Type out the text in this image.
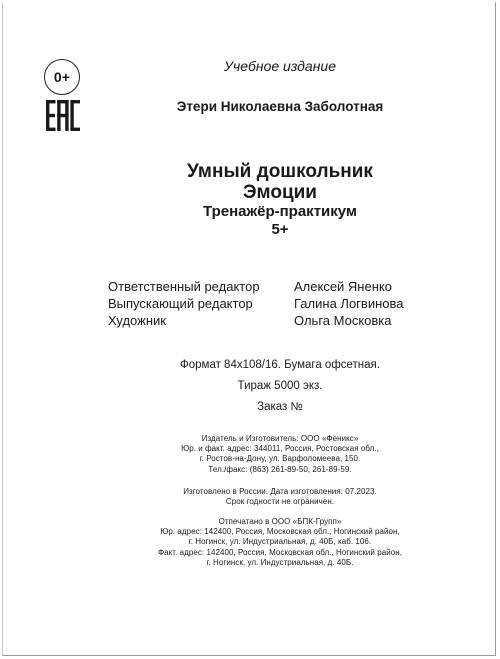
0+
Учебное издание
Этери Николаевна Заболотная
Умный дошкольник
Эмоции
Тренажёр-практикум
5+
Ответственный редактор	Алексей Яненко
Выпускающий редактор	Галина Логвинова
Художник	Ольга Московка
Формат 84x108/16. Бумага офсетная.
Тираж 5000 экз.
Заказ №
Издатель и Изготовитель: ООО «Феникс»
Юр. и факт. адрес: 344011, Россия, Ростовская обл.,
г. Ростов-на-Дону, ул. Варфоломеева, 150.
Тел./факс: (863) 261-89-50, 261-89-59.
Изготовлено в России. Дата изготовления: 07.2023.
Срок годности не ограничен.
Отпечатано в ООО «БПК-Групп»
Юр. адрес: 142400, Россия, Московская обл., Ногинский район,
г. Ногинск, ул. Индустриальная, д. 40Б, каб. 106.
Факт. адрес: 142400, Россия, Московская обл., Ногинский район,
г. Ногинск, ул. Индустриальная, д. 40Б.
